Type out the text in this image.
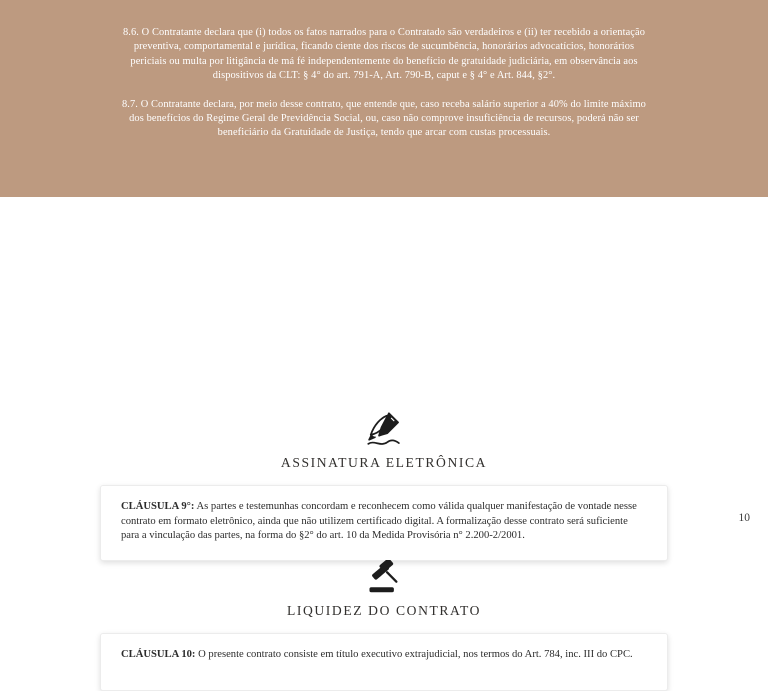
8.6. O Contratante declara que (i) todos os fatos narrados para o Contratado são verdadeiros e (ii) ter recebido a orientação preventiva, comportamental e jurídica, ficando ciente dos riscos de sucumbência, honorários advocatícios, honorários periciais ou multa por litigância de má fé independentemente do benefício de gratuidade judiciária, em observância aos dispositivos da CLT: § 4° do art. 791-A, Art. 790-B, caput e § 4° e Art. 844, §2°.

8.7. O Contratante declara, por meio desse contrato, que entende que, caso receba salário superior a 40% do limite máximo dos benefícios do Regime Geral de Previdência Social, ou, caso não comprove insuficiência de recursos, poderá não ser beneficiário da Gratuidade de Justiça, tendo que arcar com custas processuais.

ASSINATURA ELETRÔNICA

CLÁUSULA 9°: As partes e testemunhas concordam e reconhecem como válida qualquer manifestação de vontade nesse contrato em formato eletrônico, ainda que não utilizem certificado digital. A formalização desse contrato será suficiente para a vinculação das partes, na forma do §2° do art. 10 da Medida Provisória n° 2.200-2/2001.

LIQUIDEZ DO CONTRATO

CLÁUSULA 10: O presente contrato consiste em título executivo extrajudicial, nos termos do Art. 784, inc. III do CPC.

10
